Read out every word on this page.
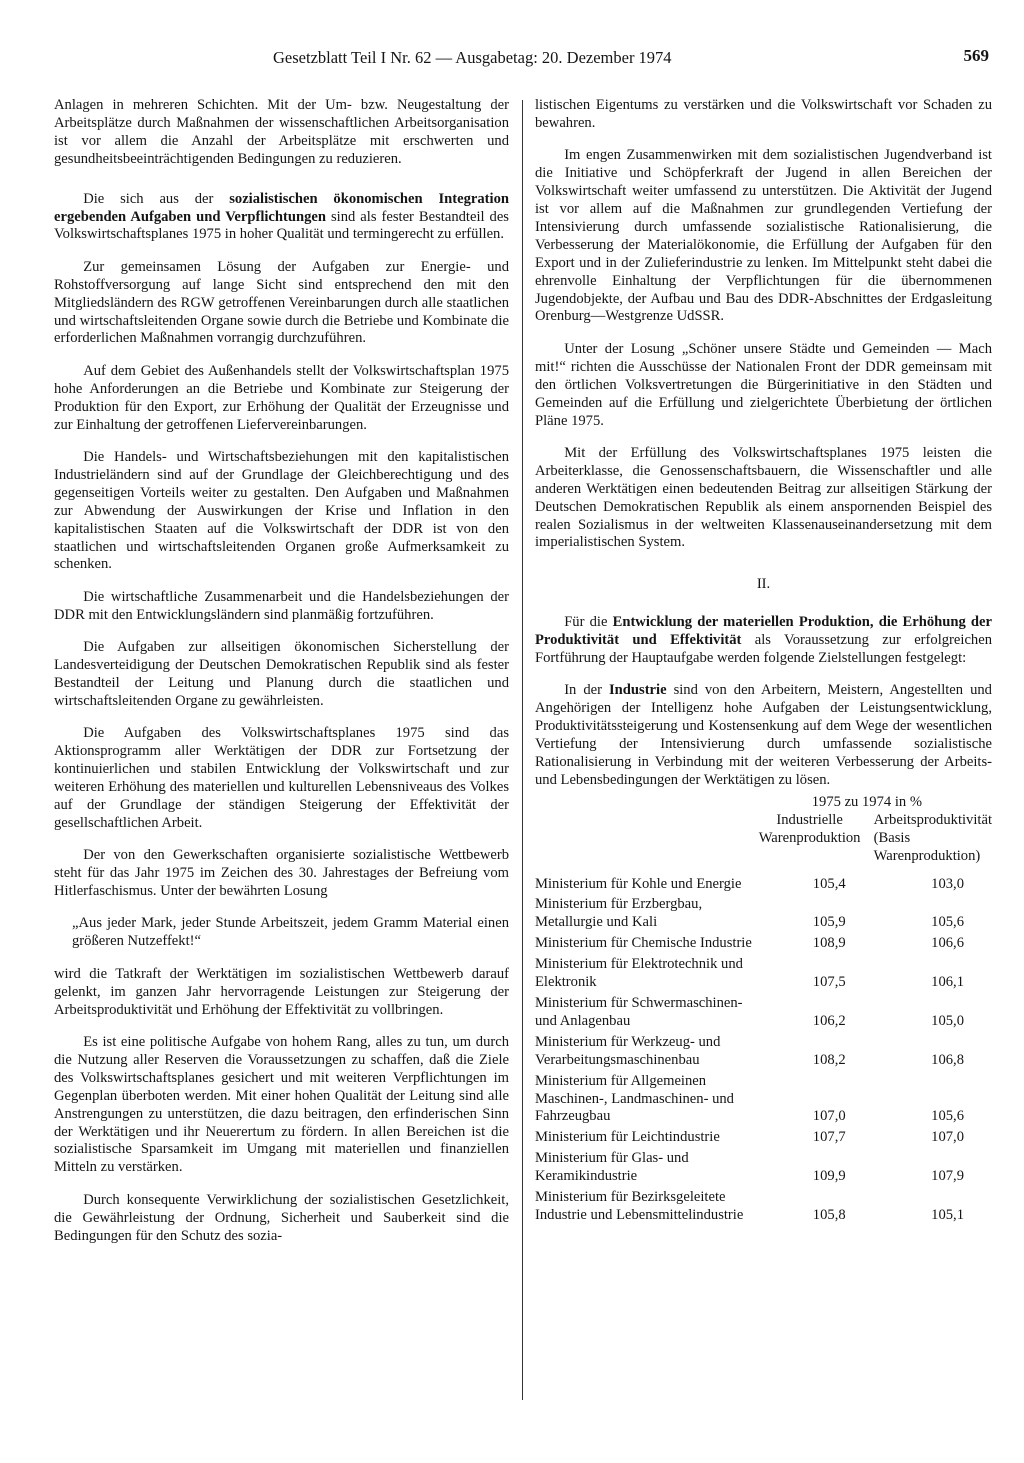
Gesetzblatt Teil I Nr. 62 — Ausgabetag: 20. Dezember 1974	569

Anlagen in mehreren Schichten. Mit der Um- bzw. Neugestaltung der Arbeitsplätze durch Maßnahmen der wissenschaftlichen Arbeitsorganisation ist vor allem die Anzahl der Arbeitsplätze mit erschwerten und gesundheitsbeeinträchtigenden Bedingungen zu reduzieren.

Die sich aus der sozialistischen ökonomischen Integration ergebenden Aufgaben und Verpflichtungen sind als fester Bestandteil des Volkswirtschaftsplanes 1975 in hoher Qualität und termingerecht zu erfüllen.

Zur gemeinsamen Lösung der Aufgaben zur Energie- und Rohstoffversorgung auf lange Sicht sind entsprechend den mit den Mitgliedsländern des RGW getroffenen Vereinbarungen durch alle staatlichen und wirtschaftsleitenden Organe sowie durch die Betriebe und Kombinate die erforderlichen Maßnahmen vorrangig durchzuführen.

Auf dem Gebiet des Außenhandels stellt der Volkswirtschaftsplan 1975 hohe Anforderungen an die Betriebe und Kombinate zur Steigerung der Produktion für den Export, zur Erhöhung der Qualität der Erzeugnisse und zur Einhaltung der getroffenen Liefervereinbarungen.

Die Handels- und Wirtschaftsbeziehungen mit den kapitalistischen Industrieländern sind auf der Grundlage der Gleichberechtigung und des gegenseitigen Vorteils weiter zu gestalten. Den Aufgaben und Maßnahmen zur Abwendung der Auswirkungen der Krise und Inflation in den kapitalistischen Staaten auf die Volkswirtschaft der DDR ist von den staatlichen und wirtschaftsleitenden Organen große Aufmerksamkeit zu schenken.

Die wirtschaftliche Zusammenarbeit und die Handelsbeziehungen der DDR mit den Entwicklungsländern sind planmäßig fortzuführen.

Die Aufgaben zur allseitigen ökonomischen Sicherstellung der Landesverteidigung der Deutschen Demokratischen Republik sind als fester Bestandteil der Leitung und Planung durch die staatlichen und wirtschaftsleitenden Organe zu gewährleisten.

Die Aufgaben des Volkswirtschaftsplanes 1975 sind das Aktionsprogramm aller Werktätigen der DDR zur Fortsetzung der kontinuierlichen und stabilen Entwicklung der Volkswirtschaft und zur weiteren Erhöhung des materiellen und kulturellen Lebensniveaus des Volkes auf der Grundlage der ständigen Steigerung der Effektivität der gesellschaftlichen Arbeit.

Der von den Gewerkschaften organisierte sozialistische Wettbewerb steht für das Jahr 1975 im Zeichen des 30. Jahrestages der Befreiung vom Hitlerfaschismus. Unter der bewährten Losung

„Aus jeder Mark, jeder Stunde Arbeitszeit, jedem Gramm Material einen größeren Nutzeffekt!“

wird die Tatkraft der Werktätigen im sozialistischen Wettbewerb darauf gelenkt, im ganzen Jahr hervorragende Leistungen zur Steigerung der Arbeitsproduktivität und Erhöhung der Effektivität zu vollbringen.

Es ist eine politische Aufgabe von hohem Rang, alles zu tun, um durch die Nutzung aller Reserven die Voraussetzungen zu schaffen, daß die Ziele des Volkswirtschaftsplanes gesichert und mit weiteren Verpflichtungen im Gegenplan überboten werden. Mit einer hohen Qualität der Leitung sind alle Anstrengungen zu unterstützen, die dazu beitragen, den erfinderischen Sinn der Werktätigen und ihr Neuerertum zu fördern. In allen Bereichen ist die sozialistische Sparsamkeit im Umgang mit materiellen und finanziellen Mitteln zu verstärken.

Durch konsequente Verwirklichung der sozialistischen Gesetzlichkeit, die Gewährleistung der Ordnung, Sicherheit und Sauberkeit sind die Bedingungen für den Schutz des sozia-

listischen Eigentums zu verstärken und die Volkswirtschaft vor Schaden zu bewahren.

Im engen Zusammenwirken mit dem sozialistischen Jugendverband ist die Initiative und Schöpferkraft der Jugend in allen Bereichen der Volkswirtschaft weiter umfassend zu unterstützen. Die Aktivität der Jugend ist vor allem auf die Maßnahmen zur grundlegenden Vertiefung der Intensivierung durch umfassende sozialistische Rationalisierung, die Verbesserung der Materialökonomie, die Erfüllung der Aufgaben für den Export und in der Zulieferindustrie zu lenken. Im Mittelpunkt steht dabei die ehrenvolle Einhaltung der Verpflichtungen für die übernommenen Jugendobjekte, der Aufbau und Bau des DDR-Abschnittes der Erdgasleitung Orenburg—Westgrenze UdSSR.

Unter der Losung „Schöner unsere Städte und Gemeinden — Mach mit!“ richten die Ausschüsse der Nationalen Front der DDR gemeinsam mit den örtlichen Volksvertretungen die Bürgerinitiative in den Städten und Gemeinden auf die Erfüllung und zielgerichtete Überbietung der örtlichen Pläne 1975.

Mit der Erfüllung des Volkswirtschaftsplanes 1975 leisten die Arbeiterklasse, die Genossenschaftsbauern, die Wissenschaftler und alle anderen Werktätigen einen bedeutenden Beitrag zur allseitigen Stärkung der Deutschen Demokratischen Republik als einem anspornenden Beispiel des realen Sozialismus in der weltweiten Klassenauseinandersetzung mit dem imperialistischen System.

II.

Für die Entwicklung der materiellen Produktion, die Erhöhung der Produktivität und Effektivität als Voraussetzung zur erfolgreichen Fortführung der Hauptaufgabe werden folgende Zielstellungen festgelegt:

In der Industrie sind von den Arbeitern, Meistern, Angestellten und Angehörigen der Intelligenz hohe Aufgaben der Leistungsentwicklung, Produktivitätssteigerung und Kostensenkung auf dem Wege der wesentlichen Vertiefung der Intensivierung durch umfassende sozialistische Rationalisierung in Verbindung mit der weiteren Verbesserung der Arbeits- und Lebensbedingungen der Werktätigen zu lösen.

1975 zu 1974 in %
	Industrielle Warenproduktion	Arbeitsproduktivität (Basis Warenproduktion)
Ministerium für Kohle und Energie	105,4	103,0
Ministerium für Erzbergbau, Metallurgie und Kali	105,9	105,6
Ministerium für Chemische Industrie	108,9	106,6
Ministerium für Elektrotechnik und Elektronik	107,5	106,1
Ministerium für Schwermaschinen- und Anlagenbau	106,2	105,0
Ministerium für Werkzeug- und Verarbeitungsmaschinenbau	108,2	106,8
Ministerium für Allgemeinen Maschinen-, Landmaschinen- und Fahrzeugbau	107,0	105,6
Ministerium für Leichtindustrie	107,7	107,0
Ministerium für Glas- und Keramikindustrie	109,9	107,9
Ministerium für Bezirksgeleitete Industrie und Lebensmittelindustrie	105,8	105,1
